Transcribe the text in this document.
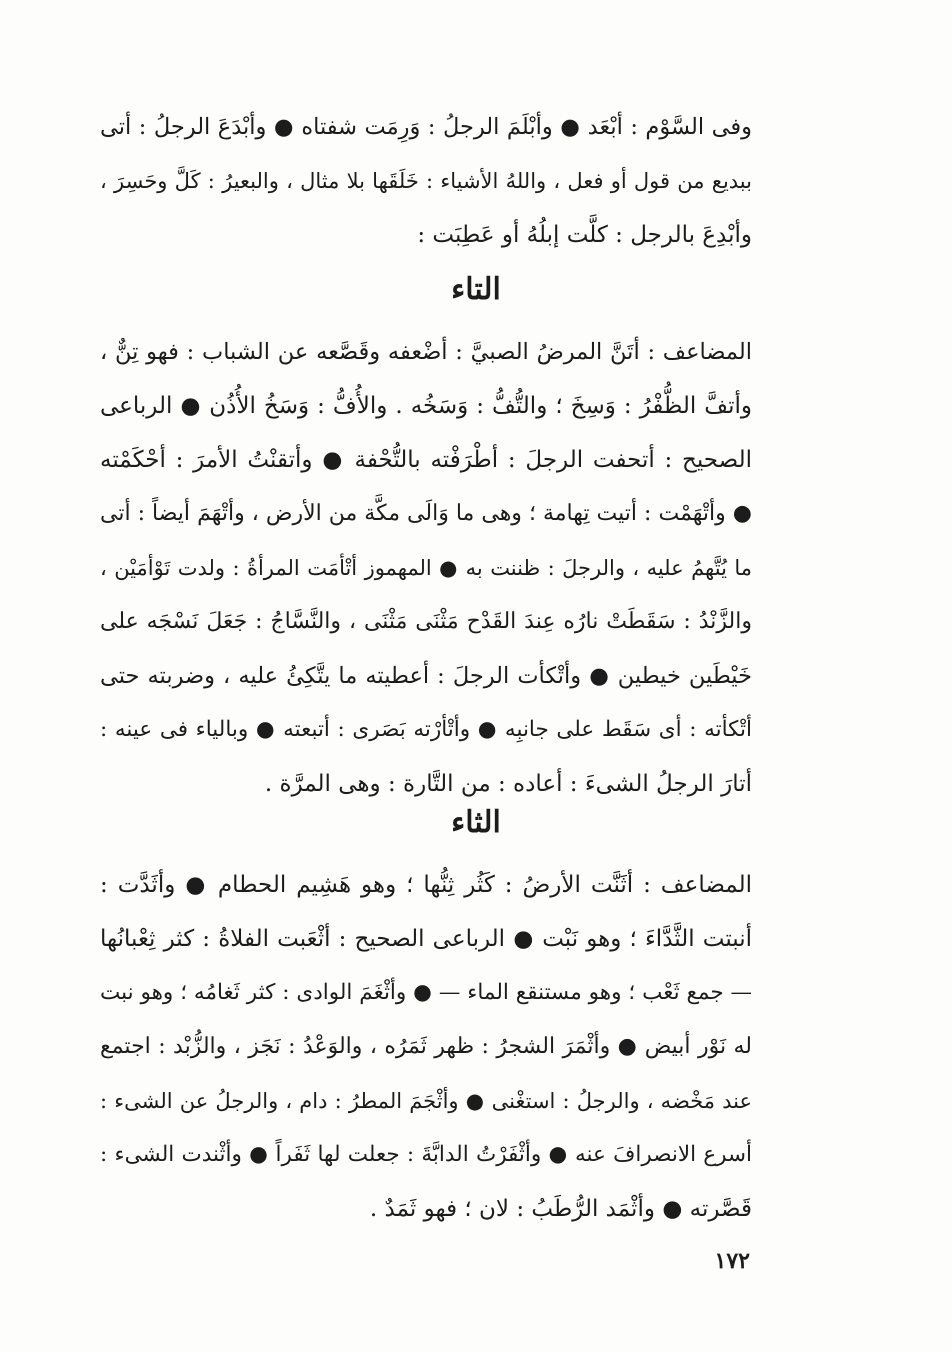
وفى السَّوْم : أبْعَد ● وأبْلَمَ الرجلُ : وَرِمَت شفتاه ● وأبْدَعَ الرجلُ : أتى
ببديع من قول أو فعل ، واللهُ الأشياء : خَلَقَها بلا مثال ، والبعيرُ : كَلَّ وحَسِرَ ،
وأبْدِعَ بالرجل : كلَّت إبلُهُ أو عَطِبَت :
التاء
المضاعف : أتَنَّ المرضُ الصبيَّ : أضْعفه وقَصَّعه عن الشباب : فهو تِنٌّ ،
وأتفَّ الظُّفْرُ : وَسِخَ ؛ والتُّفُّ : وَسَخُه . والأُفُّ : وَسَخُ الأُذُن ● الرباعى
الصحيح : أتحفت الرجلَ : أطْرَفْته بالتُّحْفة ● وأتقنْتُ الأمرَ : أحْكَمْته
● وأتْهَمْت : أتيت تِهامة ؛ وهى ما وَالَى مكَّة من الأرض ، وأتْهَمَ أيضاً : أتى
ما يُتَّهمُ عليه ، والرجلَ : ظننت به ● المهموز أتْأمَت المرأةُ : ولدت تَوْأمَيْن ،
والزَّنْدُ : سَقَطَتْ نارُه عِندَ القَدْح مَثْنَى مَثْنَى ، والنَّسَّاجُ : جَعَلَ نَسْجَه على
خَيْطَين خيطين ● وأتْكأت الرجلَ : أعطيته ما يتَّكِئُ عليه ، وضربته حتى
أتْكأته : أى سَقَط على جانبِه ● وأتْأرْته بَصَرى : أتبعته ● وبالياء فى عينه :
أتارَ الرجلُ الشىءَ : أعاده : من التَّارة : وهى المرَّة .
الثاء
المضاعف : أثَنَّت الأرضُ : كَثُر ثِنُّها ؛ وهو هَشِيم الحطام ● وأثَدَّت :
أنبتت الثَّدَّاءَ ؛ وهو نَبْت ● الرباعى الصحيح : أثْعَبت الفلاةُ : كثر ثِعْبانُها
— جمع ثَعْب ؛ وهو مستنقع الماء — ● وأثْغَمَ الوادى : كثر ثَغامُه ؛ وهو نبت
له نَوْر أبيض ● وأثْمَرَ الشجرُ : ظهر ثَمَرُه ، والوَعْدُ : نَجَز ، والزُّبْد : اجتمع
عند مَخْضه ، والرجلُ : استغْنى ● وأثْجَمَ المطرُ : دام ، والرجلُ عن الشىء :
أسرع الانصرافَ عنه ● وأثْفَرْتُ الدابَّةَ : جعلت لها ثَفَراً ● وأثْندت الشىء :
قَصَّرته ● وأثْمَد الرُّطَبُ : لان ؛ فهو ثَمَدٌ .
١٧٢
